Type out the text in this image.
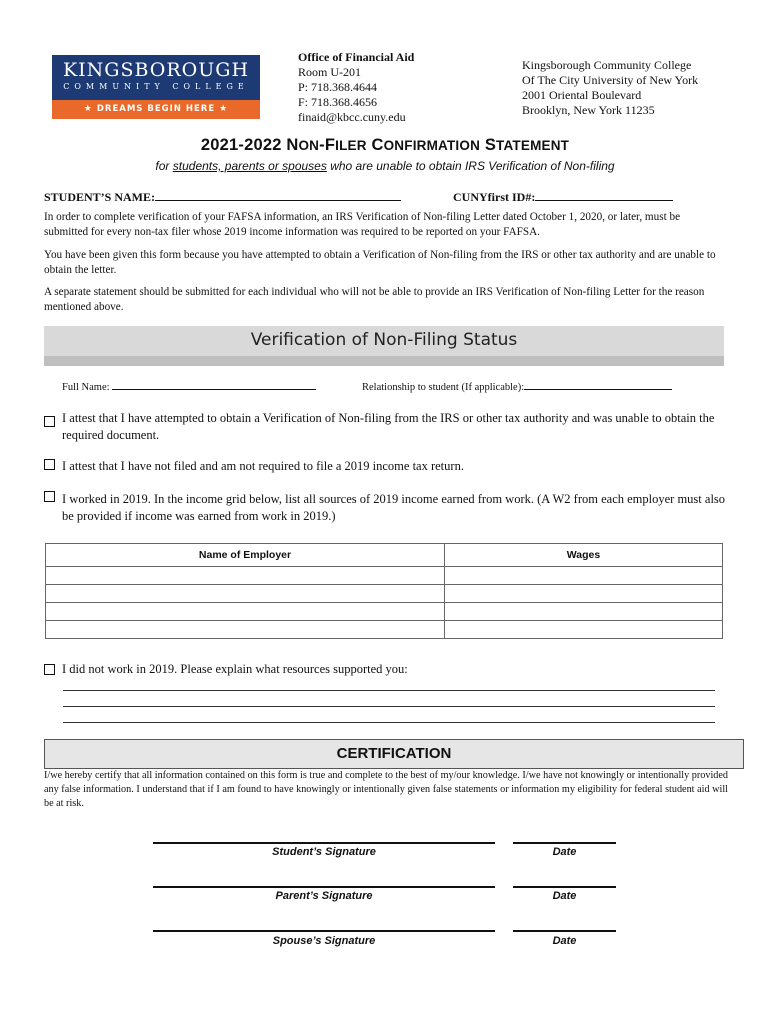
KINGSBOROUGH
COMMUNITY COLLEGE
★ DREAMS BEGIN HERE ★
Office of Financial Aid
Room U-201
P: 718.368.4644
F: 718.368.4656
finaid@kbcc.cuny.edu
Kingsborough Community College
Of The City University of New York
2001 Oriental Boulevard
Brooklyn, New York 11235
2021-2022 NON-FILER CONFIRMATION STATEMENT
for students, parents or spouses who are unable to obtain IRS Verification of Non-filing
STUDENT’S NAME:	CUNYfirst ID#:
In order to complete verification of your FAFSA information, an IRS Verification of Non-filing Letter dated October 1, 2020, or later, must be submitted for every non-tax filer whose 2019 income information was required to be reported on your FAFSA.
You have been given this form because you have attempted to obtain a Verification of Non-filing from the IRS or other tax authority and are unable to obtain the letter.
A separate statement should be submitted for each individual who will not be able to provide an IRS Verification of Non-filing Letter for the reason mentioned above.
Verification of Non-Filing Status
Full Name:	Relationship to student (If applicable):
I attest that I have attempted to obtain a Verification of Non-filing from the IRS or other tax authority and was unable to obtain the required document.
I attest that I have not filed and am not required to file a 2019 income tax return.
I worked in 2019. In the income grid below, list all sources of 2019 income earned from work. (A W2 from each employer must also be provided if income was earned from work in 2019.)
Name of Employer	Wages

I did not work in 2019. Please explain what resources supported you:
CERTIFICATION
I/we hereby certify that all information contained on this form is true and complete to the best of my/our knowledge. I/we have not knowingly or intentionally provided any false information. I understand that if I am found to have knowingly or intentionally given false statements or information my eligibility for federal student aid will be at risk.
Student’s Signature	Date
Parent’s Signature	Date
Spouse’s Signature	Date
